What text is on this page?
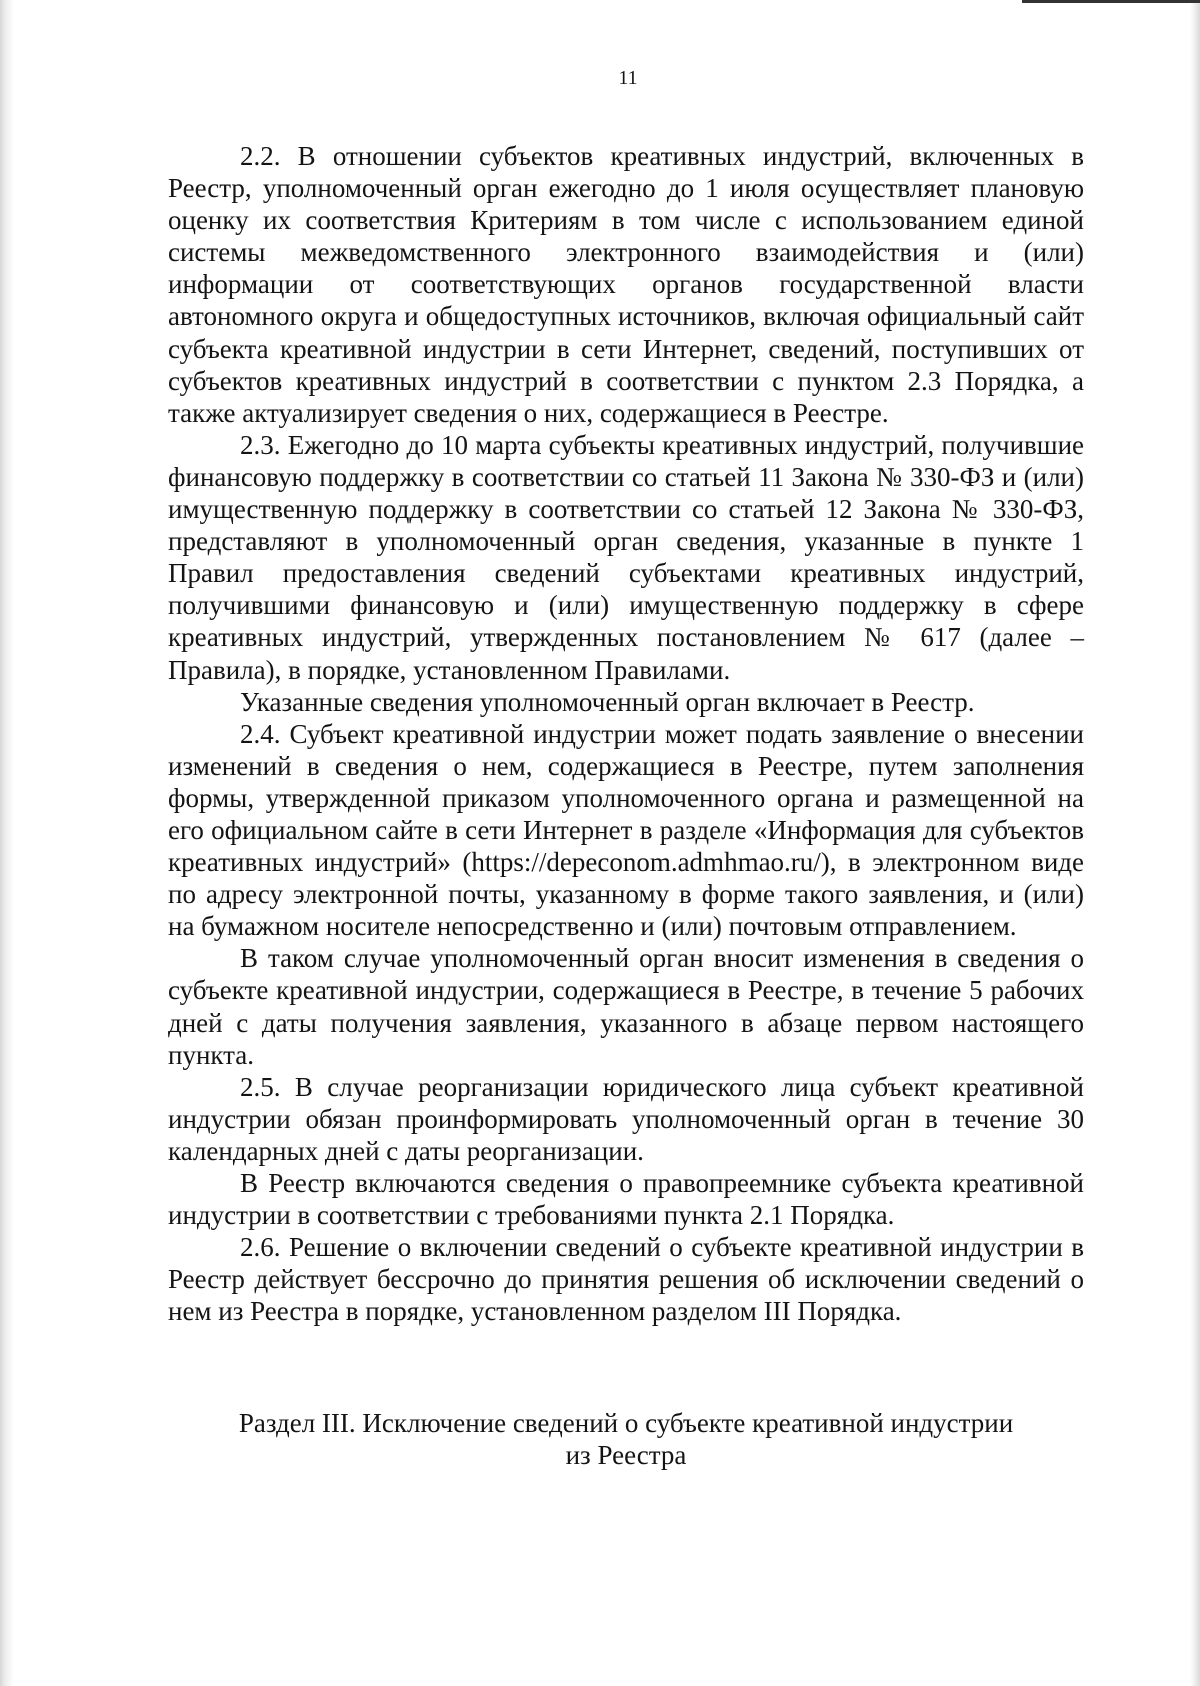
11

2.2. В отношении субъектов креативных индустрий, включенных в Реестр, уполномоченный орган ежегодно до 1 июля осуществляет плановую оценку их соответствия Критериям в том числе с использованием единой системы межведомственного электронного взаимодействия и (или) информации от соответствующих органов государственной власти автономного округа и общедоступных источников, включая официальный сайт субъекта креативной индустрии в сети Интернет, сведений, поступивших от субъектов креативных индустрий в соответствии с пунктом 2.3 Порядка, а также актуализирует сведения о них, содержащиеся в Реестре.

2.3. Ежегодно до 10 марта субъекты креативных индустрий, получившие финансовую поддержку в соответствии со статьей 11 Закона № 330-ФЗ и (или) имущественную поддержку в соответствии со статьей 12 Закона № 330-ФЗ, представляют в уполномоченный орган сведения, указанные в пункте 1 Правил предоставления сведений субъектами креативных индустрий, получившими финансовую и (или) имущественную поддержку в сфере креативных индустрий, утвержденных постановлением № 617 (далее – Правила), в порядке, установленном Правилами.

Указанные сведения уполномоченный орган включает в Реестр.

2.4. Субъект креативной индустрии может подать заявление о внесении изменений в сведения о нем, содержащиеся в Реестре, путем заполнения формы, утвержденной приказом уполномоченного органа и размещенной на его официальном сайте в сети Интернет в разделе «Информация для субъектов креативных индустрий» (https://depeconom.admhmao.ru/), в электронном виде по адресу электронной почты, указанному в форме такого заявления, и (или) на бумажном носителе непосредственно и (или) почтовым отправлением.

В таком случае уполномоченный орган вносит изменения в сведения о субъекте креативной индустрии, содержащиеся в Реестре, в течение 5 рабочих дней с даты получения заявления, указанного в абзаце первом настоящего пункта.

2.5. В случае реорганизации юридического лица субъект креативной индустрии обязан проинформировать уполномоченный орган в течение 30 календарных дней с даты реорганизации.

В Реестр включаются сведения о правопреемнике субъекта креативной индустрии в соответствии с требованиями пункта 2.1 Порядка.

2.6. Решение о включении сведений о субъекте креативной индустрии в Реестр действует бессрочно до принятия решения об исключении сведений о нем из Реестра в порядке, установленном разделом III Порядка.

Раздел III. Исключение сведений о субъекте креативной индустрии
из Реестра
